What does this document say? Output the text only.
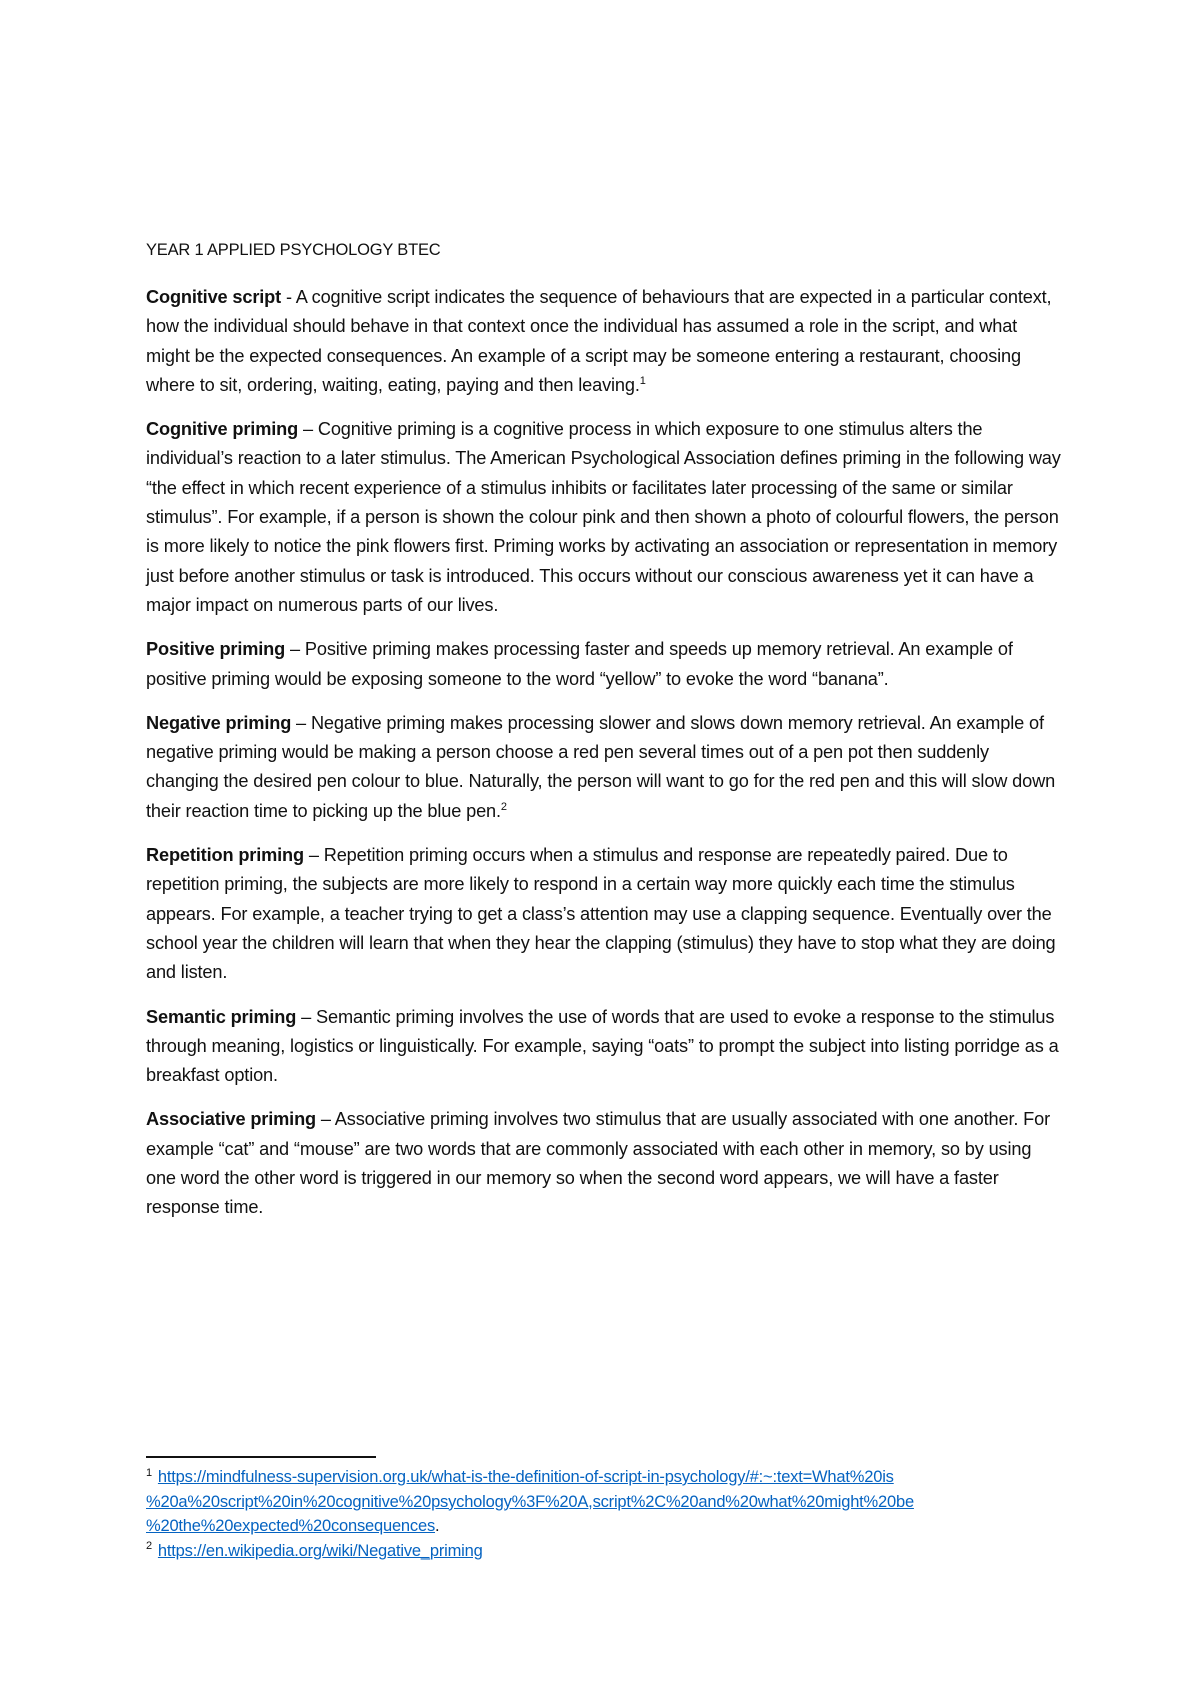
YEAR 1 APPLIED PSYCHOLOGY BTEC

Cognitive script - A cognitive script indicates the sequence of behaviours that are expected in a particular context, how the individual should behave in that context once the individual has assumed a role in the script, and what might be the expected consequences. An example of a script may be someone entering a restaurant, choosing where to sit, ordering, waiting, eating, paying and then leaving.$^1$

Cognitive priming – Cognitive priming is a cognitive process in which exposure to one stimulus alters the individual’s reaction to a later stimulus. The American Psychological Association defines priming in the following way “the effect in which recent experience of a stimulus inhibits or facilitates later processing of the same or similar stimulus”. For example, if a person is shown the colour pink and then shown a photo of colourful flowers, the person is more likely to notice the pink flowers first. Priming works by activating an association or representation in memory just before another stimulus or task is introduced. This occurs without our conscious awareness yet it can have a major impact on numerous parts of our lives.

Positive priming – Positive priming makes processing faster and speeds up memory retrieval. An example of positive priming would be exposing someone to the word “yellow” to evoke the word “banana”.

Negative priming – Negative priming makes processing slower and slows down memory retrieval. An example of negative priming would be making a person choose a red pen several times out of a pen pot then suddenly changing the desired pen colour to blue. Naturally, the person will want to go for the red pen and this will slow down their reaction time to picking up the blue pen.$^2$

Repetition priming – Repetition priming occurs when a stimulus and response are repeatedly paired. Due to repetition priming, the subjects are more likely to respond in a certain way more quickly each time the stimulus appears. For example, a teacher trying to get a class’s attention may use a clapping sequence. Eventually over the school year the children will learn that when they hear the clapping (stimulus) they have to stop what they are doing and listen.

Semantic priming – Semantic priming involves the use of words that are used to evoke a response to the stimulus through meaning, logistics or linguistically. For example, saying “oats” to prompt the subject into listing porridge as a breakfast option.

Associative priming – Associative priming involves two stimulus that are usually associated with one another. For example “cat” and “mouse” are two words that are commonly associated with each other in memory, so by using one word the other word is triggered in our memory so when the second word appears, we will have a faster response time.

$^1$ https://mindfulness-supervision.org.uk/what-is-the-definition-of-script-in-psychology/#:~:text=What%20is
%20a%20script%20in%20cognitive%20psychology%3F%20A,script%2C%20and%20what%20might%20be
%20the%20expected%20consequences.
$^2$ https://en.wikipedia.org/wiki/Negative_priming
